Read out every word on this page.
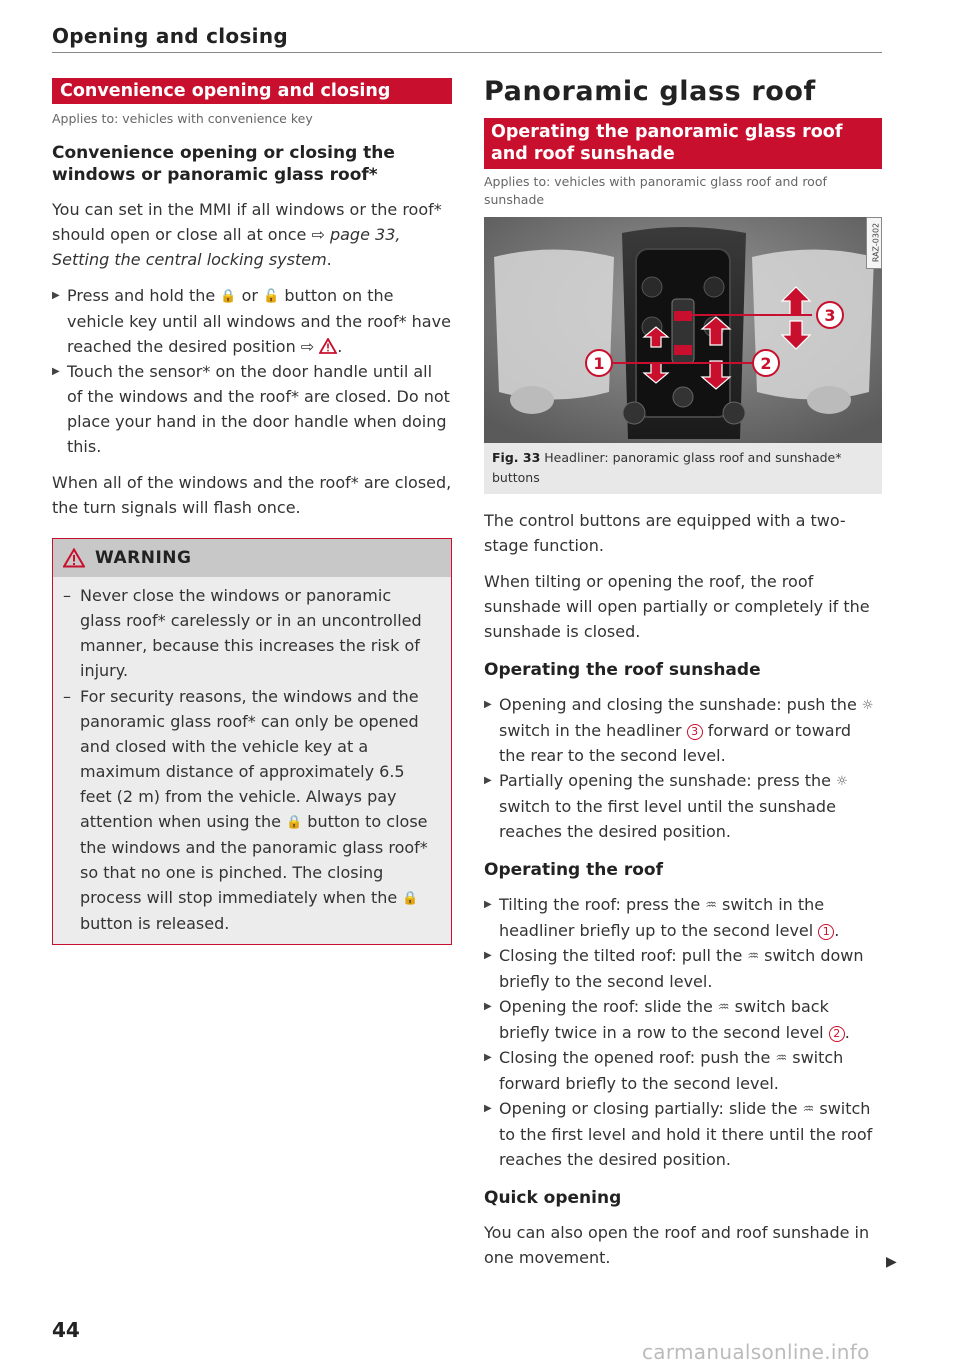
Opening and closing
Convenience opening and closing
Applies to: vehicles with convenience key
Convenience opening or closing the windows or panoramic glass roof*

You can set in the MMI if all windows or the roof* should open or close all at once ⇨ page 33, Setting the central locking system.

▶ Press and hold the 🔒 or 🔓 button on the vehicle key until all windows and the roof* have reached the desired position ⇨ .
▶ Touch the sensor* on the door handle until all of the windows and the roof* are closed. Do not place your hand in the door handle when doing this.

When all of the windows and the roof* are closed, the turn signals will flash once.

WARNING
– Never close the windows or panoramic glass roof* carelessly or in an uncontrolled manner, because this increases the risk of injury.
– For security reasons, the windows and the panoramic glass roof* can only be opened and closed with the vehicle key at a maximum distance of approximately 6.5 feet (2 m) from the vehicle. Always pay attention when using the 🔒 button to close the windows and the panoramic glass roof* so that no one is pinched. The closing process will stop immediately when the 🔒 button is released.
Panoramic glass roof
Operating the panoramic glass roof and roof sunshade
Applies to: vehicles with panoramic glass roof and roof sunshade
1	2
3
RAZ-0302
Fig. 33 Headliner: panoramic glass roof and sunshade* buttons

The control buttons are equipped with a two-stage function.

When tilting or opening the roof, the roof sunshade will open partially or completely if the sunshade is closed.

Operating the roof sunshade
▶ Opening and closing the sunshade: push the ☼ switch in the headliner 3 forward or toward the rear to the second level.
▶ Partially opening the sunshade: press the ☼ switch to the first level until the sunshade reaches the desired position.
Operating the roof
▶ Tilting the roof: press the ♒ switch in the headliner briefly up to the second level 1 .
▶ Closing the tilted roof: pull the ♒ switch down briefly to the second level.
▶ Opening the roof: slide the ♒ switch back briefly twice in a row to the second level 2 .
▶ Closing the opened roof: push the ♒ switch forward briefly to the second level.
▶ Opening or closing partially: slide the ♒ switch to the first level and hold it there until the roof reaches the desired position.
Quick opening

You can also open the roof and roof sunshade in one movement.	▶
44
carmanualsonline.info
